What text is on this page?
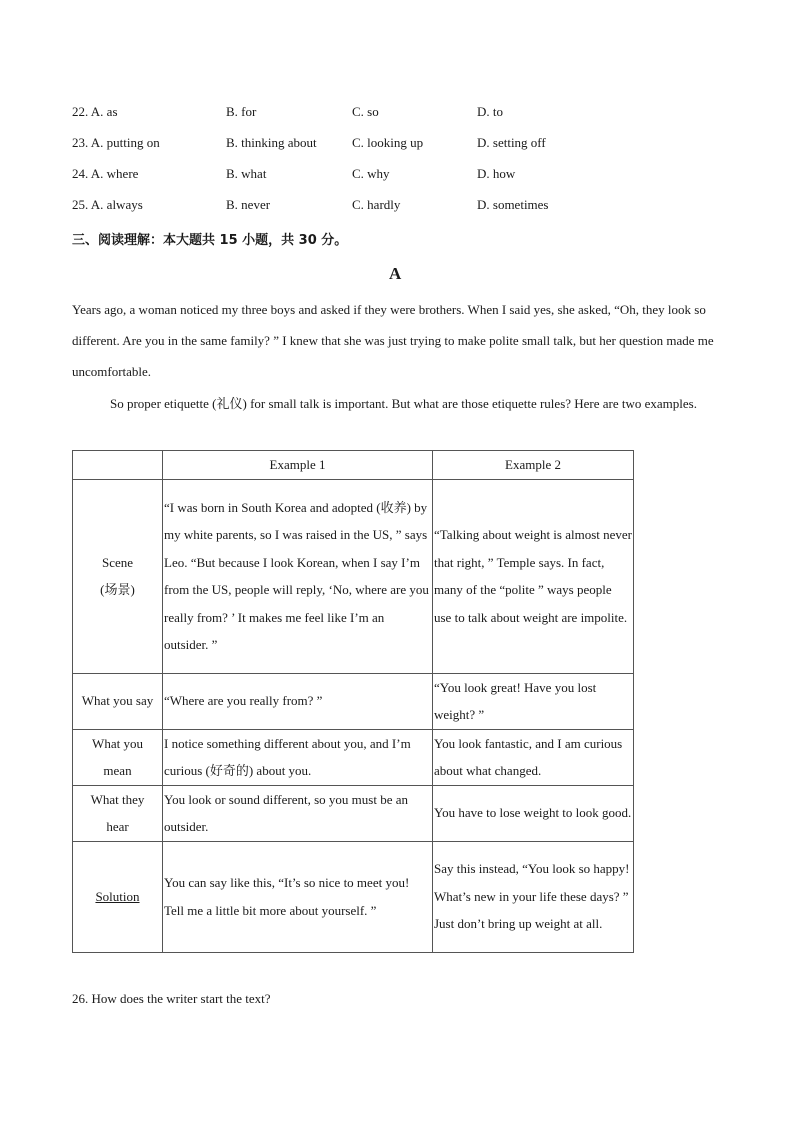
22. A. as	B. for	C. so	D. to
23. A. putting on	B. thinking about	C. looking up	D. setting off
24. A. where	B. what	C. why	D. how
25. A. always	B. never	C. hardly	D. sometimes
三、阅读理解：本大题共 15 小题，共 30 分。
A

Years ago, a woman noticed my three boys and asked if they were brothers. When I said yes, she asked, “Oh, they look so different. Are you in the same family? ” I knew that she was just trying to make polite small talk, but her question made me uncomfortable.

So proper etiquette (礼仪) for small talk is important. But what are those etiquette rules? Here are two examples.

	Example 1	Example 2
Scene
(场景)	“I was born in South Korea and adopted (收养) by my white parents, so I was raised in the US, ” says Leo. “But because I look Korean, when I say I’m from the US, people will reply, ‘No, where are you really from? ’ It makes me feel like I’m an outsider. ”	“Talking about weight is almost never that right, ” Temple says. In fact, many of the “polite ” ways people use to talk about weight are impolite.
What you say	“Where are you really from? ”	“You look great! Have you lost weight? ”
What you
mean	I notice something different about you, and I’m curious (好奇的) about you.	You look fantastic, and I am curious about what changed.
What they
hear	You look or sound different, so you must be an outsider.	You have to lose weight to look good.
Solution	You can say like this, “It’s so nice to meet you! Tell me a little bit more about yourself. ”	Say this instead, “You look so happy! What’s new in your life these days? ” Just don’t bring up weight at all.
26. How does the writer start the text?
